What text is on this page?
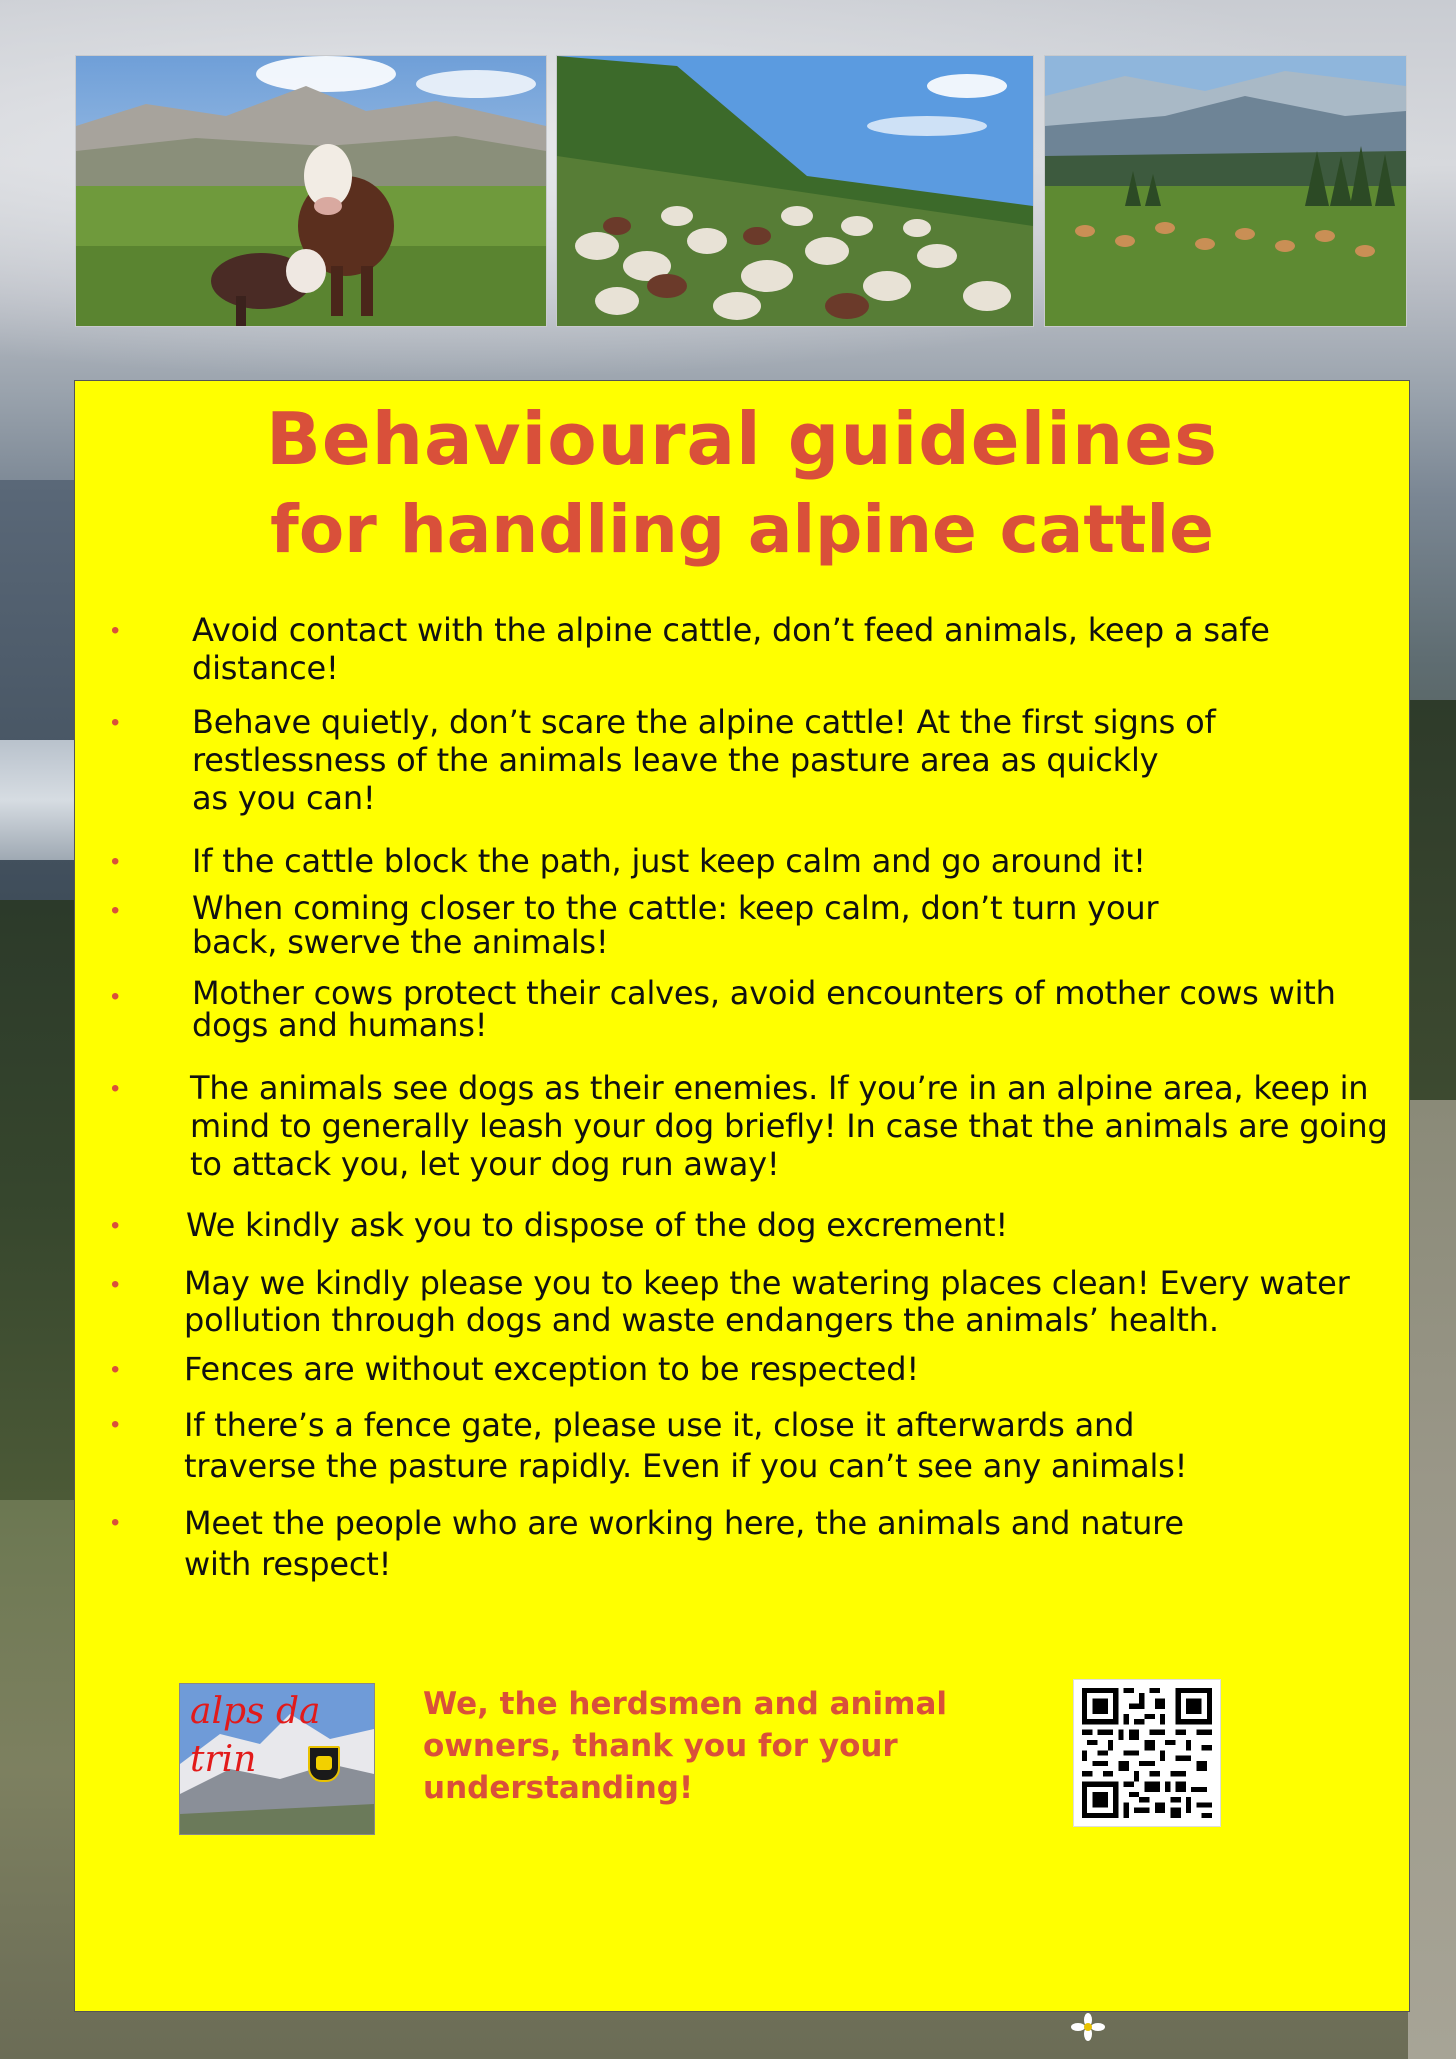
Behavioural guidelines
for handling alpine cattle
• Avoid contact with the alpine cattle, don’t feed animals, keep a safe
distance!
• Behave quietly, don’t scare the alpine cattle! At the first signs of
restlessness of the animals leave the pasture area as quickly
as you can!
• If the cattle block the path, just keep calm and go around it!
• When coming closer to the cattle: keep calm, don’t turn your
back, swerve the animals!
• Mother cows protect their calves, avoid encounters of mother cows with
dogs and humans!
• The animals see dogs as their enemies. If you’re in an alpine area, keep in
mind to generally leash your dog briefly! In case that the animals are going
to attack you, let your dog run away!
• We kindly ask you to dispose of the dog excrement!
• May we kindly please you to keep the watering places clean! Every water
pollution through dogs and waste endangers the animals’ health.
• Fences are without exception to be respected!
• If there’s a fence gate, please use it, close it afterwards and
traverse the pasture rapidly. Even if you can’t see any animals!
• Meet the people who are working here, the animals and nature
with respect!
alps da
trin
We, the herdsmen and animal
owners, thank you for your
understanding!
